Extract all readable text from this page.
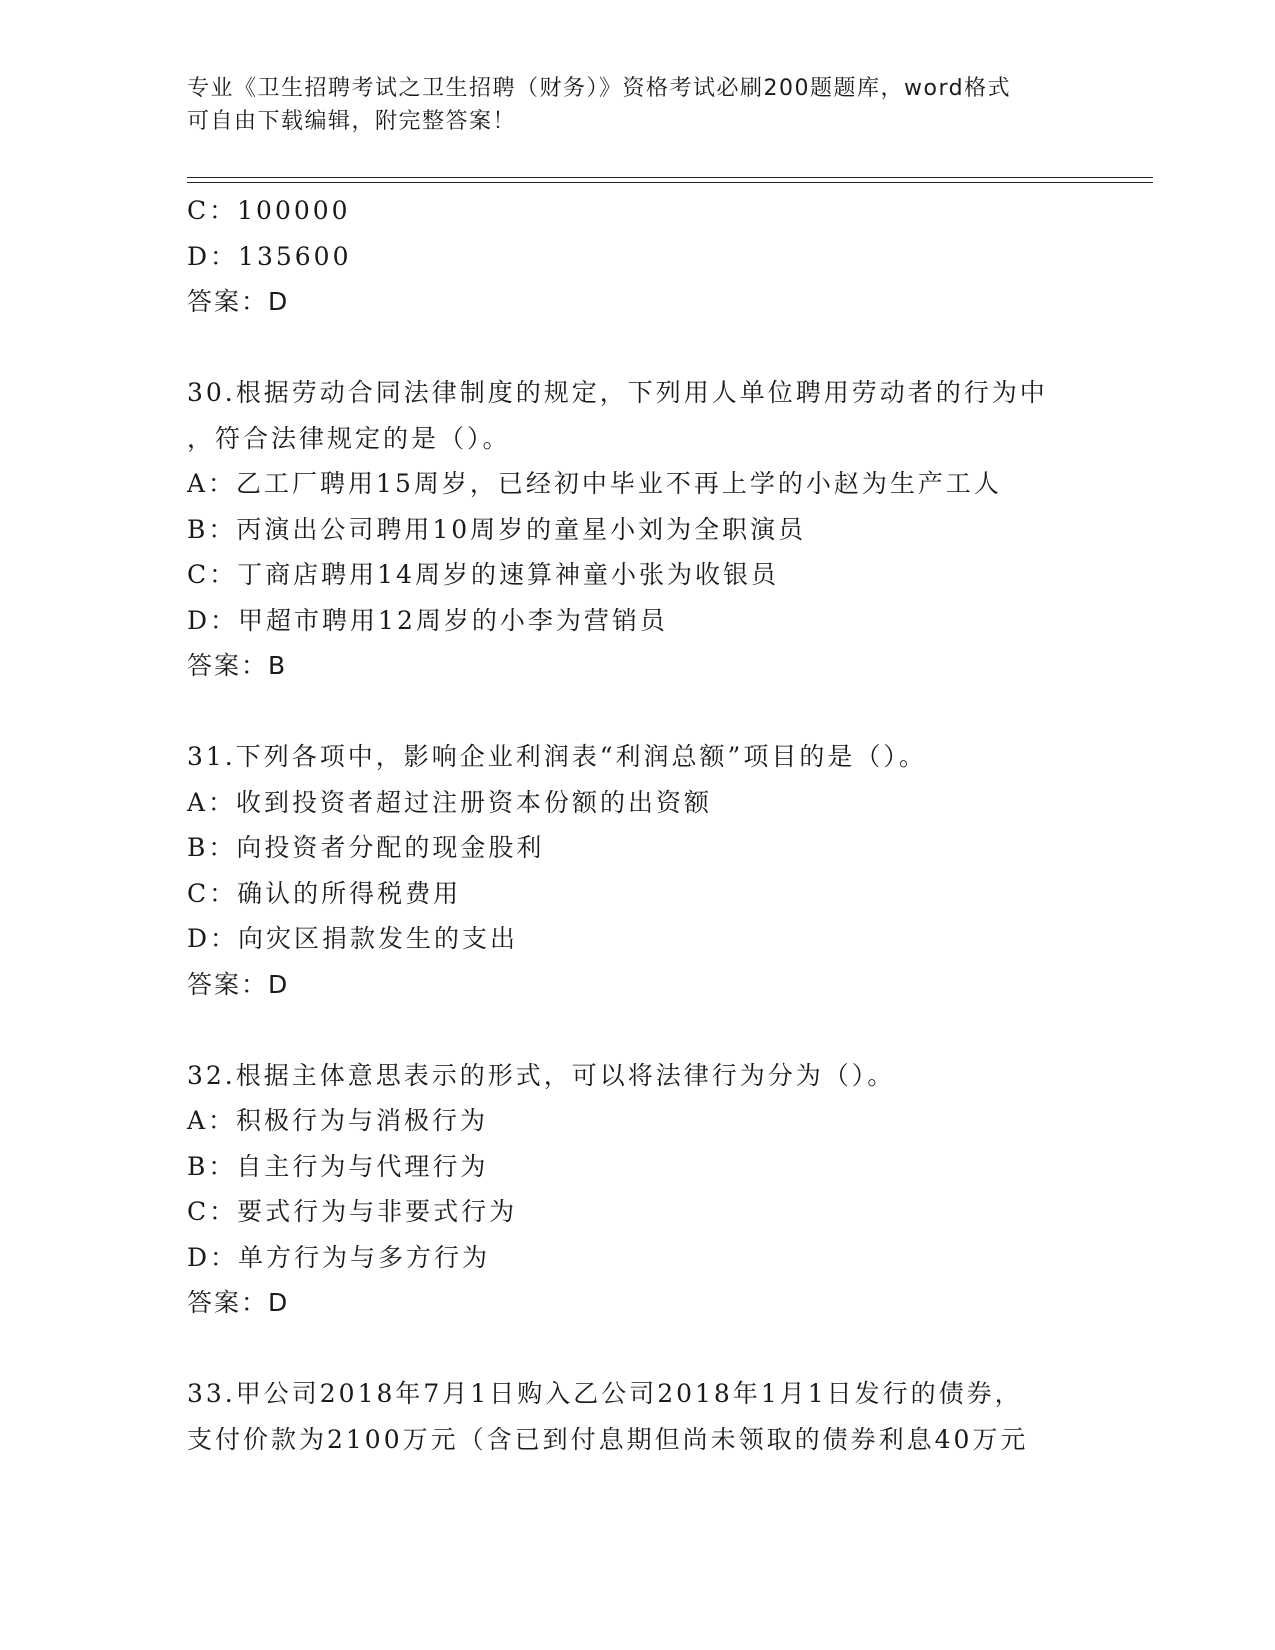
专业《卫生招聘考试之卫生招聘（财务）》资格考试必刷200题题库，word格式
可自由下载编辑，附完整答案！
C：100000
D：135600
答案：D
30.根据劳动合同法律制度的规定，下列用人单位聘用劳动者的行为中
，符合法律规定的是（）。
A：乙工厂聘用15周岁，已经初中毕业不再上学的小赵为生产工人
B：丙演出公司聘用10周岁的童星小刘为全职演员
C：丁商店聘用14周岁的速算神童小张为收银员
D：甲超市聘用12周岁的小李为营销员
答案：B
31.下列各项中，影响企业利润表“利润总额”项目的是（）。
A：收到投资者超过注册资本份额的出资额
B：向投资者分配的现金股利
C：确认的所得税费用
D：向灾区捐款发生的支出
答案：D
32.根据主体意思表示的形式，可以将法律行为分为（）。
A：积极行为与消极行为
B：自主行为与代理行为
C：要式行为与非要式行为
D：单方行为与多方行为
答案：D
33.甲公司2018年7月1日购入乙公司2018年1月1日发行的债券，
支付价款为2100万元（含已到付息期但尚未领取的债券利息40万元
